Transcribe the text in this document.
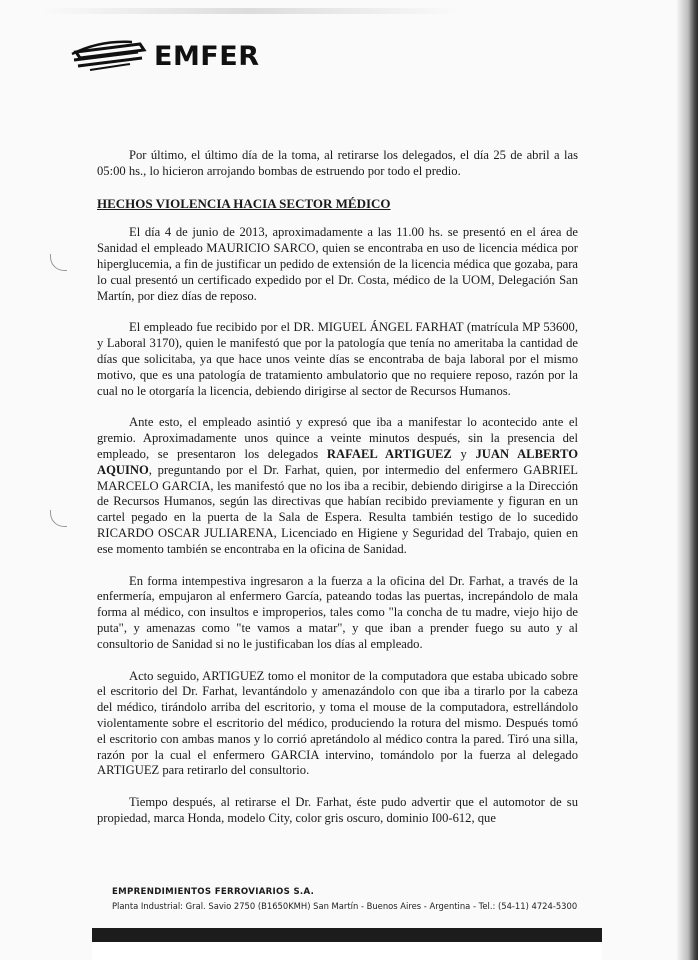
EMFER

Por último, el último día de la toma, al retirarse los delegados, el día 25 de abril a las 05:00 hs., lo hicieron arrojando bombas de estruendo por todo el predio.

HECHOS VIOLENCIA HACIA SECTOR MÉDICO

El día 4 de junio de 2013, aproximadamente a las 11.00 hs. se presentó en el área de Sanidad el empleado MAURICIO SARCO, quien se encontraba en uso de licencia médica por hiperglucemia, a fin de justificar un pedido de extensión de la licencia médica que gozaba, para lo cual presentó un certificado expedido por el Dr. Costa, médico de la UOM, Delegación San Martín, por diez días de reposo.

El empleado fue recibido por el DR. MIGUEL ÁNGEL FARHAT (matrícula MP 53600, y Laboral 3170), quien le manifestó que por la patología que tenía no ameritaba la cantidad de días que solicitaba, ya que hace unos veinte días se encontraba de baja laboral por el mismo motivo, que es una patología de tratamiento ambulatorio que no requiere reposo, razón por la cual no le otorgaría la licencia, debiendo dirigirse al sector de Recursos Humanos.

Ante esto, el empleado asintió y expresó que iba a manifestar lo acontecido ante el gremio. Aproximadamente unos quince a veinte minutos después, sin la presencia del empleado, se presentaron los delegados RAFAEL ARTIGUEZ y JUAN ALBERTO AQUINO, preguntando por el Dr. Farhat, quien, por intermedio del enfermero GABRIEL MARCELO GARCIA, les manifestó que no los iba a recibir, debiendo dirigirse a la Dirección de Recursos Humanos, según las directivas que habían recibido previamente y figuran en un cartel pegado en la puerta de la Sala de Espera. Resulta también testigo de lo sucedido RICARDO OSCAR JULIARENA, Licenciado en Higiene y Seguridad del Trabajo, quien en ese momento también se encontraba en la oficina de Sanidad.

En forma intempestiva ingresaron a la fuerza a la oficina del Dr. Farhat, a través de la enfermería, empujaron al enfermero García, pateando todas las puertas, increpándolo de mala forma al médico, con insultos e improperios, tales como "la concha de tu madre, viejo hijo de puta", y amenazas como "te vamos a matar", y que iban a prender fuego su auto y al consultorio de Sanidad si no le justificaban los días al empleado.

Acto seguido, ARTIGUEZ tomo el monitor de la computadora que estaba ubicado sobre el escritorio del Dr. Farhat, levantándolo y amenazándolo con que iba a tirarlo por la cabeza del médico, tirándolo arriba del escritorio, y toma el mouse de la computadora, estrellándolo violentamente sobre el escritorio del médico, produciendo la rotura del mismo. Después tomó el escritorio con ambas manos y lo corrió apretándolo al médico contra la pared. Tiró una silla, razón por la cual el enfermero GARCIA intervino, tomándolo por la fuerza al delegado ARTIGUEZ para retirarlo del consultorio.

Tiempo después, al retirarse el Dr. Farhat, éste pudo advertir que el automotor de su propiedad, marca Honda, modelo City, color gris oscuro, dominio I00-612, que

EMPRENDIMIENTOS FERROVIARIOS S.A.
Planta Industrial: Gral. Savio 2750 (B1650KMH) San Martín - Buenos Aires - Argentina - Tel.: (54-11) 4724-5300
